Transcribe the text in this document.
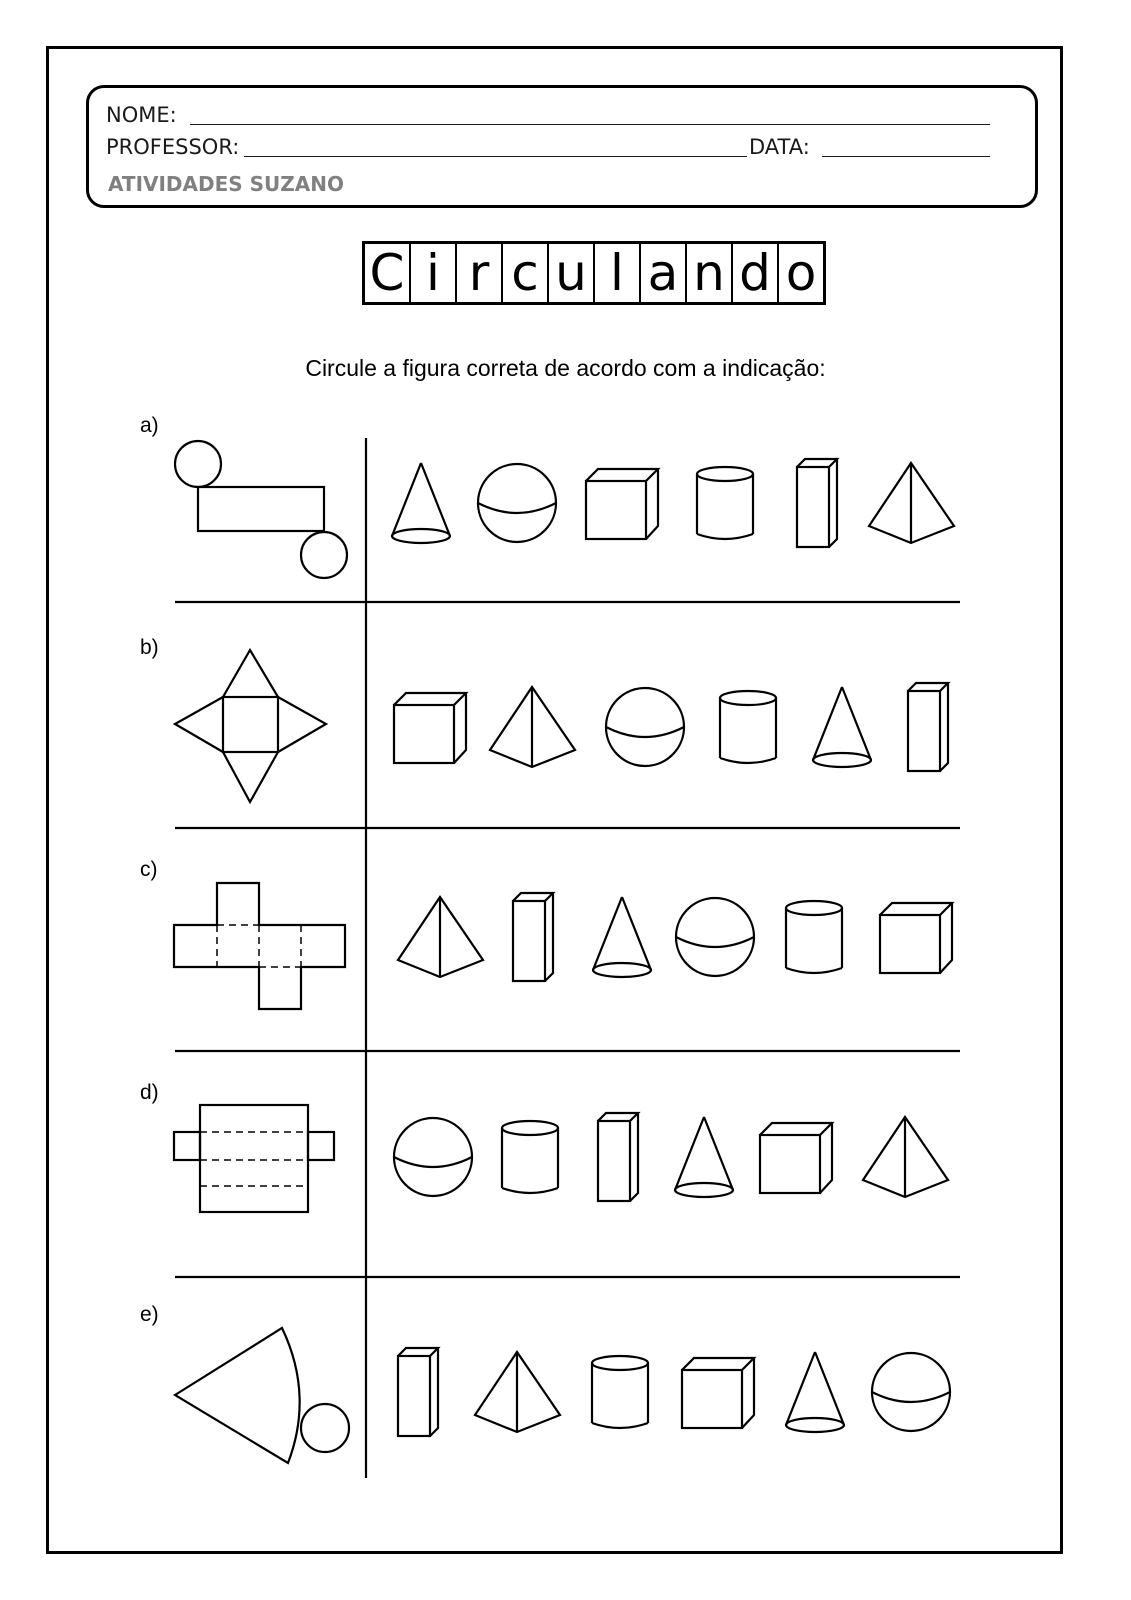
NOME:
PROFESSOR:	DATA:
ATIVIDADES SUZANO
C i r c u l a n d o
Circule a figura correta de acordo com a indicação:
a)
b)
c)
d)
e)
